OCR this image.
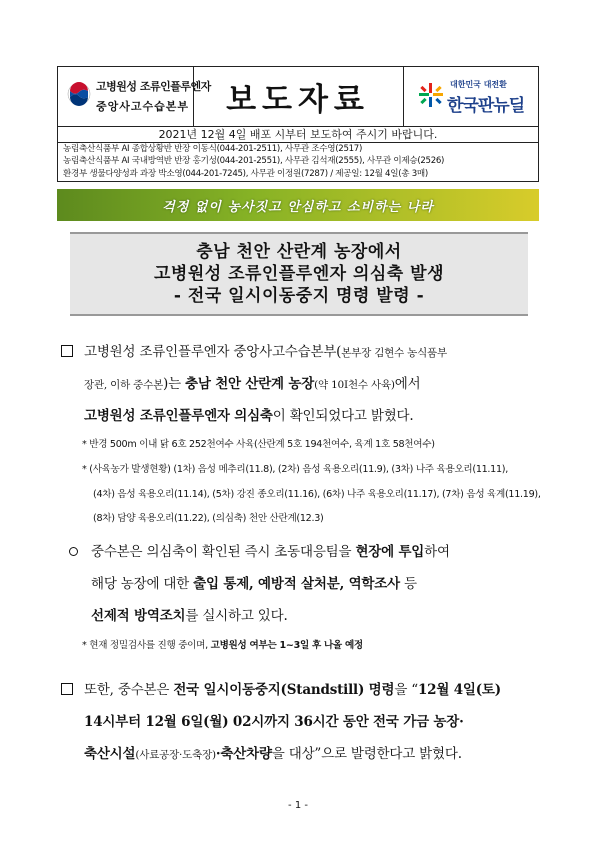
고병원성 조류인플루엔자
중앙사고수습본부	보도자료	대한민국 대전환
한국판뉴딜
2021년 12월 4일 배포 시부터 보도하여 주시기 바랍니다.
농림축산식품부 AI 종합상황반 반장 이동식(044-201-2511), 사무관 조수영(2517)
농림축산식품부 AI 국내방역반 반장 홍기성(044-201-2551), 사무관 김석재(2555), 사무관 이제승(2526)
환경부 생물다양성과 과장 박소영(044-201-7245), 사무관 이정원(7287) / 제공일: 12월 4일(총 3매)
걱정 없이 농사짓고 안심하고 소비하는 나라
충남 천안 산란계 농장에서
고병원성 조류인플루엔자 의심축 발생
- 전국 일시이동중지 명령 발령 -
고병원성 조류인플루엔자 중앙사고수습본부(본부장 김현수 농식품부
장관, 이하 중수본)는 충남 천안 산란계 농장(약 10I천수 사육)에서
고병원성 조류인플루엔자 의심축이 확인되었다고 밝혔다.
* 반경 500m 이내 닭 6호 252천여수 사육(산란계 5호 194천여수, 육계 1호 58천여수)
* (사육농가 발생현황) (1차) 음성 메추리(11.8), (2차) 음성 육용오리(11.9), (3차) 나주 육용오리(11.11),
(4차) 음성 육용오리(11.14), (5차) 강진 종오리(11.16), (6차) 나주 육용오리(11.17), (7차) 음성 육계(11.19),
(8차) 담양 육용오리(11.22), (의심축) 천안 산란계(12.3)
중수본은 의심축이 확인된 즉시 초동대응팀을 현장에 투입하여
해당 농장에 대한 출입 통제, 예방적 살처분, 역학조사 등
선제적 방역조치를 실시하고 있다.
* 현재 정밀검사를 진행 중이며, 고병원성 여부는 1~3일 후 나올 예정
또한, 중수본은 전국 일시이동중지(Standstill) 명령을 “12월 4일(토)
14시부터 12월 6일(월) 02시까지 36시간 동안 전국 가금 농장·
축산시설(사료공장·도축장)·축산차량을 대상”으로 발령한다고 밝혔다.
- 1 -
